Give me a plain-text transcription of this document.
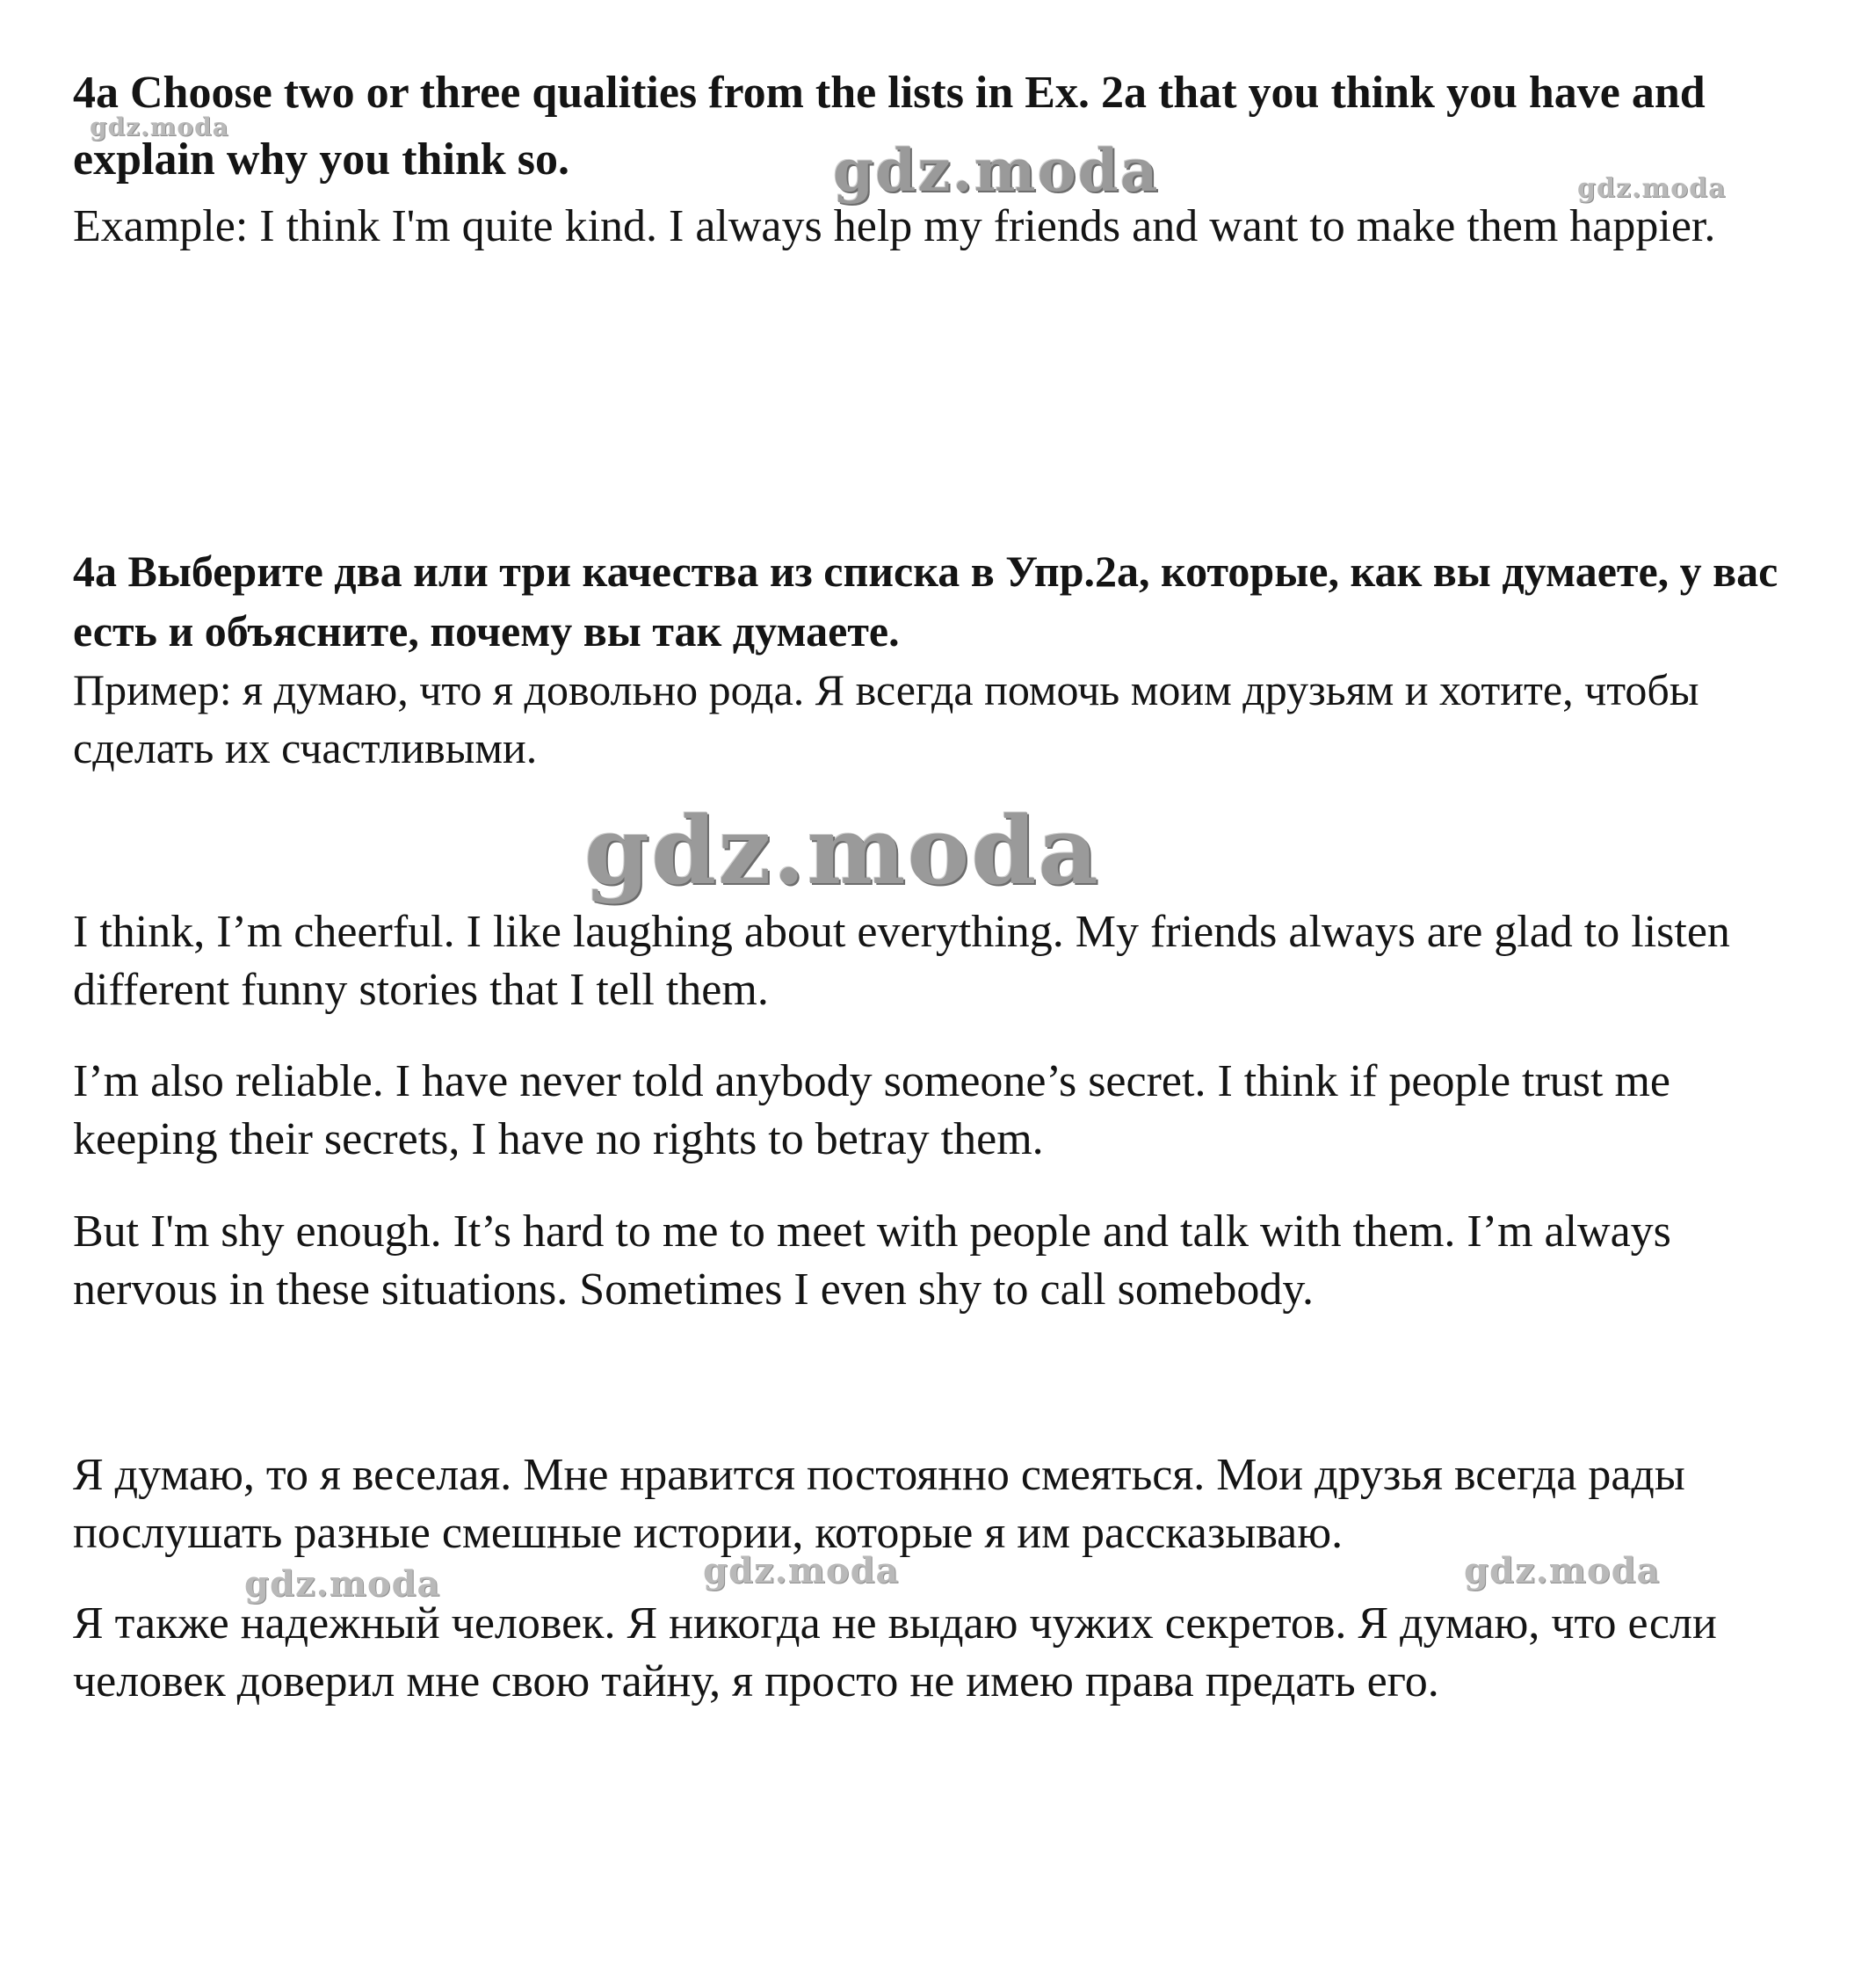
4a Choose two or three qualities from the lists in Ex. 2a that you think you have and explain why you think so.

Example: I think I'm quite kind. I always help my friends and want to make them happier.

4a Выберите два или три качества из списка в Упр.2а, которые, как вы думаете, у вас есть и объясните, почему вы так думаете.

Пример: я думаю, что я довольно рода. Я всегда помочь моим друзьям и хотите, чтобы сделать их счастливыми.

I think, I’m cheerful. I like laughing about everything. My friends always are glad to listen different funny stories that I tell them.

I’m also reliable. I have never told anybody someone’s secret. I think if people trust me keeping their secrets, I have no rights to betray them.

But I'm shy enough. It’s hard to me to meet with people and talk with them. I’m always nervous in these situations. Sometimes I even shy to call somebody.

Я думаю, то я веселая. Мне нравится постоянно смеяться. Мои друзья всегда рады послушать разные смешные истории, которые я им рассказываю.

Я также надежный человек. Я никогда не выдаю чужих секретов. Я думаю, что если человек доверил мне свою тайну, я просто не имею права предать его.

gdz.moda
gdz.moda	gdz.moda
gdz.moda
gdz.moda	gdz.moda	gdz.moda
